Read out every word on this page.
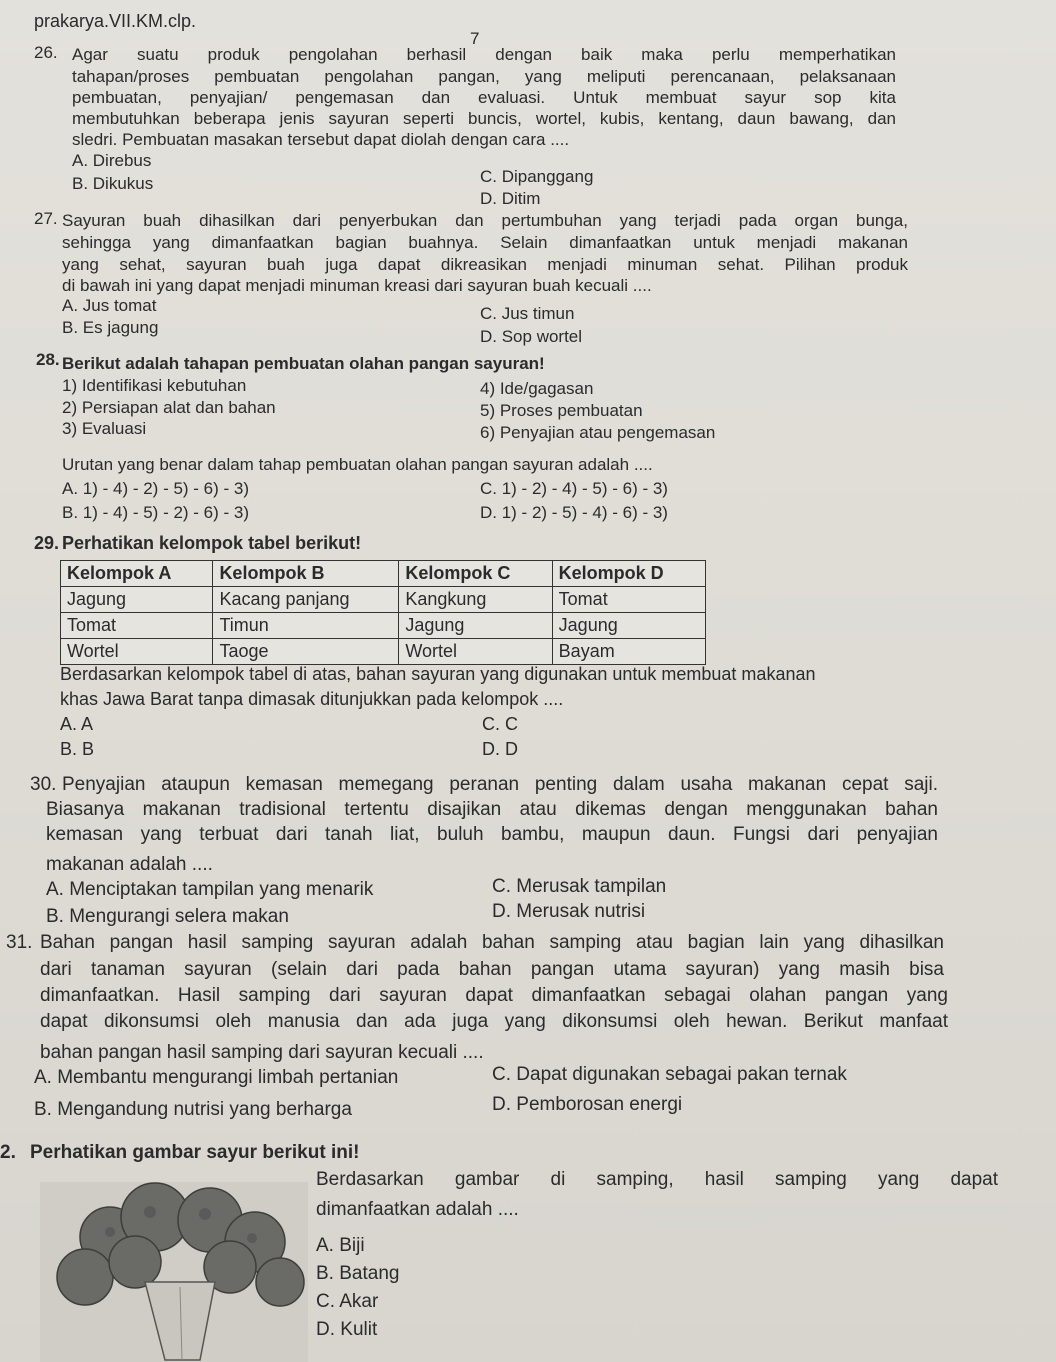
prakarya.VII.KM.clp.
7
26. Agar suatu produk pengolahan berhasil dengan baik maka perlu memperhatikan
tahapan/proses pembuatan pengolahan pangan, yang meliputi perencanaan, pelaksanaan
pembuatan, penyajian/ pengemasan dan evaluasi. Untuk membuat sayur sop kita
membutuhkan beberapa jenis sayuran seperti buncis, wortel, kubis, kentang, daun bawang, dan
sledri. Pembuatan masakan tersebut dapat diolah dengan cara ....
A. Direbus
B. Dikukus	C. Dipanggang
D. Ditim
27. Sayuran buah dihasilkan dari penyerbukan dan pertumbuhan yang terjadi pada organ bunga,
sehingga yang dimanfaatkan bagian buahnya. Selain dimanfaatkan untuk menjadi makanan
yang sehat, sayuran buah juga dapat dikreasikan menjadi minuman sehat. Pilihan produk
di bawah ini yang dapat menjadi minuman kreasi dari sayuran buah kecuali ....
A. Jus tomat
B. Es jagung
C. Jus timun
D. Sop wortel
28. Berikut adalah tahapan pembuatan olahan pangan sayuran!
1) Identifikasi kebutuhan
2) Persiapan alat dan bahan
3) Evaluasi
4) Ide/gagasan
5) Proses pembuatan
6) Penyajian atau pengemasan
Urutan yang benar dalam tahap pembuatan olahan pangan sayuran adalah ....
A. 1) - 4) - 2) - 5) - 6) - 3)
B. 1) - 4) - 5) - 2) - 6) - 3)
C. 1) - 2) - 4) - 5) - 6) - 3)
D. 1) - 2) - 5) - 4) - 6) - 3)
29. Perhatikan kelompok tabel berikut!
Kelompok A	Kelompok B	Kelompok C	Kelompok D
Jagung	Kacang panjang	Kangkung	Tomat
Tomat	Timun	Jagung	Jagung
Wortel	Taoge	Wortel	Bayam
Berdasarkan kelompok tabel di atas, bahan sayuran yang digunakan untuk membuat makanan
khas Jawa Barat tanpa dimasak ditunjukkan pada kelompok ....
A. A
B. B
C. C
D. D
30. Penyajian ataupun kemasan memegang peranan penting dalam usaha makanan cepat saji.
Biasanya makanan tradisional tertentu disajikan atau dikemas dengan menggunakan bahan
kemasan yang terbuat dari tanah liat, buluh bambu, maupun daun. Fungsi dari penyajian
makanan adalah ....
A. Menciptakan tampilan yang menarik
B. Mengurangi selera makan
C. Merusak tampilan
D. Merusak nutrisi
31. Bahan pangan hasil samping sayuran adalah bahan samping atau bagian lain yang dihasilkan
dari tanaman sayuran (selain dari pada bahan pangan utama sayuran) yang masih bisa
dimanfaatkan. Hasil samping dari sayuran dapat dimanfaatkan sebagai olahan pangan yang
dapat dikonsumsi oleh manusia dan ada juga yang dikonsumsi oleh hewan. Berikut manfaat
bahan pangan hasil samping dari sayuran kecuali ....
A. Membantu mengurangi limbah pertanian
B. Mengandung nutrisi yang berharga
C. Dapat digunakan sebagai pakan ternak
D. Pemborosan energi
2. Perhatikan gambar sayur berikut ini!
Berdasarkan gambar di samping, hasil samping yang dapat
dimanfaatkan adalah ....
A. Biji
B. Batang
C. Akar
D. Kulit
